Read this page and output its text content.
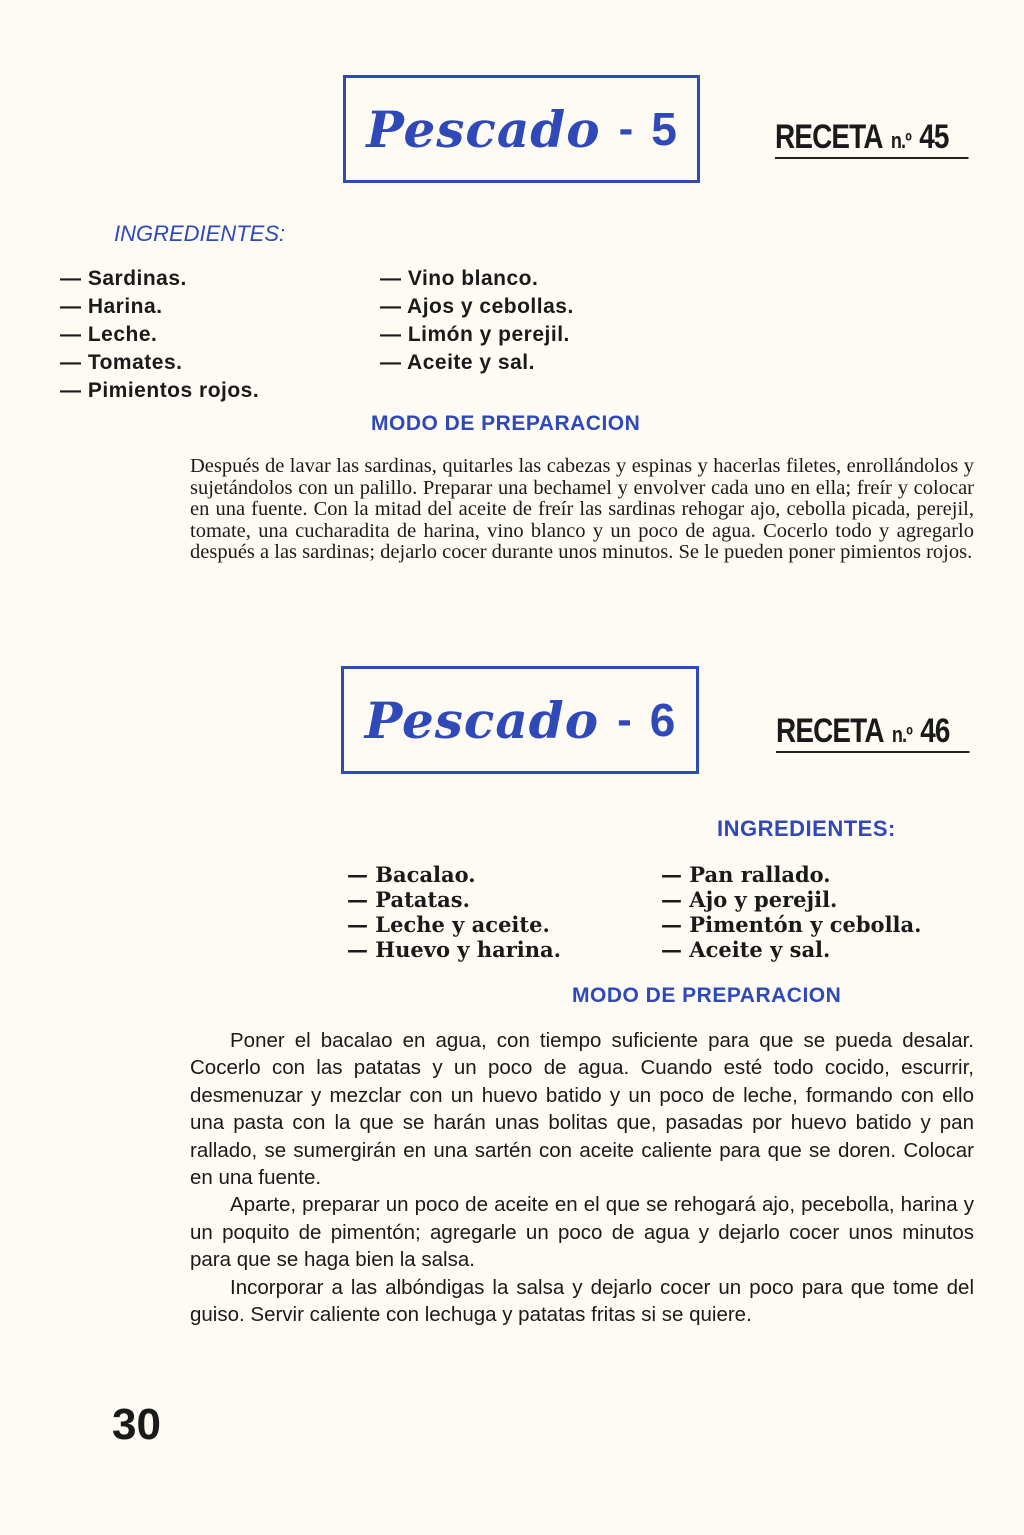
Pescado - 5	RECETA n.º 45
INGREDIENTES:
— Sardinas.
— Harina.
— Leche.
— Tomates.
— Pimientos rojos.
— Vino blanco.
— Ajos y cebollas.
— Limón y perejil.
— Aceite y sal.
MODO DE PREPARACION

Después de lavar las sardinas, quitarles las cabezas y espinas y hacerlas filetes, enrollándolos y sujetándolos con un palillo. Preparar una bechamel y envolver cada uno en ella; freír y colocar en una fuente. Con la mitad del aceite de freír las sardinas rehogar ajo, cebolla picada, perejil, tomate, una cucharadita de harina, vino blanco y un poco de agua. Cocerlo todo y agregarlo después a las sardinas; dejarlo cocer durante unos minutos. Se le pueden poner pimientos rojos.

Pescado - 6	RECETA n.º 46
INGREDIENTES:
— Bacalao.
— Patatas.
— Leche y aceite.
— Huevo y harina.
— Pan rallado.
— Ajo y perejil.
— Pimentón y cebolla.
— Aceite y sal.
MODO DE PREPARACION

Poner el bacalao en agua, con tiempo suficiente para que se pueda desalar. Cocerlo con las patatas y un poco de agua. Cuando esté todo cocido, escurrir, desmenuzar y mezclar con un huevo batido y un poco de leche, formando con ello una pasta con la que se harán unas bolitas que, pasadas por huevo batido y pan rallado, se sumergirán en una sartén con aceite caliente para que se doren. Colocar en una fuente.

Aparte, preparar un poco de aceite en el que se rehogará ajo, pecebolla, harina y un poquito de pimentón; agregarle un poco de agua y dejarlo cocer unos minutos para que se haga bien la salsa.

Incorporar a las albóndigas la salsa y dejarlo cocer un poco para que tome del guiso. Servir caliente con lechuga y patatas fritas si se quiere.

30
